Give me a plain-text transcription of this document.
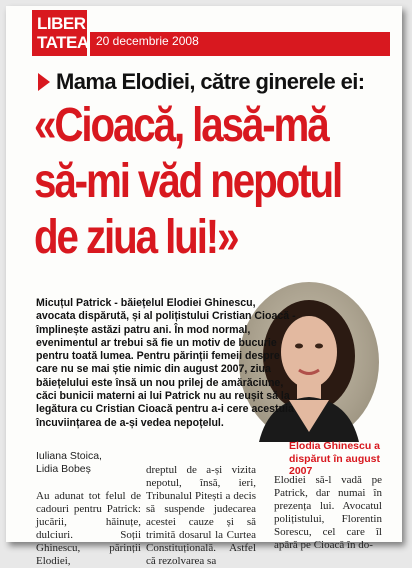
LIBER
TATEA 20 decembrie 2008
Mama Elodiei, către ginerele ei:
«Cioacă, lasă-mă
să-mi văd nepotul
de ziua lui!»
Elodia Ghinescu a
dispărut în august 2007
Micuțul Patrick - băiețelul Elodiei Ghinescu, avocata dispărută, și al polițistului Cristian Cioacă - împlinește astăzi patru ani. În mod normal, evenimentul ar trebui să fie un motiv de bucurie pentru toată lumea. Pentru părinții femeii despre care nu se mai știe nimic din august 2007, ziua băiețelului este însă un nou prilej de amărăciune, căci bunicii materni ai lui Patrick nu au reușit să la legătura cu Cristian Cioacă pentru a-i cere acestuia încuviințarea de a-și vedea nepoțelul.
Iuliana Stoica,
Lidia Bobeș
Au adunat tot felul de cadouri pentru Patrick: jucării, hăinuțe, dulciuri. Soții Ghinescu, părinții Elodiei,
dreptul de a-și vizita nepotul, însă, ieri, Tribunalul Pitești a decis să suspende judecarea acestei cauze și să trimită dosarul la Curtea Constituțională. Astfel că rezolvarea sa
Elodiei să-l vadă pe Patrick, dar numai în prezența lui. Avocatul polițistului, Florentin Sorescu, cel care îl apără pe Cioacă în do-
